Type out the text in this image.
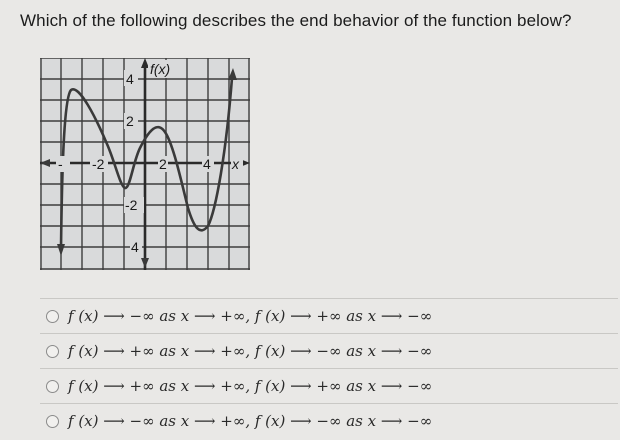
Which of the following describes the end behavior of the function below?
4
f(x)
2
-2
-	2	4 x
-2
4
f (x) ⟶ −∞ as x ⟶ +∞, f (x) ⟶ +∞ as x ⟶ −∞
f (x) ⟶ +∞ as x ⟶ +∞, f (x) ⟶ −∞ as x ⟶ −∞
f (x) ⟶ +∞ as x ⟶ +∞, f (x) ⟶ +∞ as x ⟶ −∞
f (x) ⟶ −∞ as x ⟶ +∞, f (x) ⟶ −∞ as x ⟶ −∞
